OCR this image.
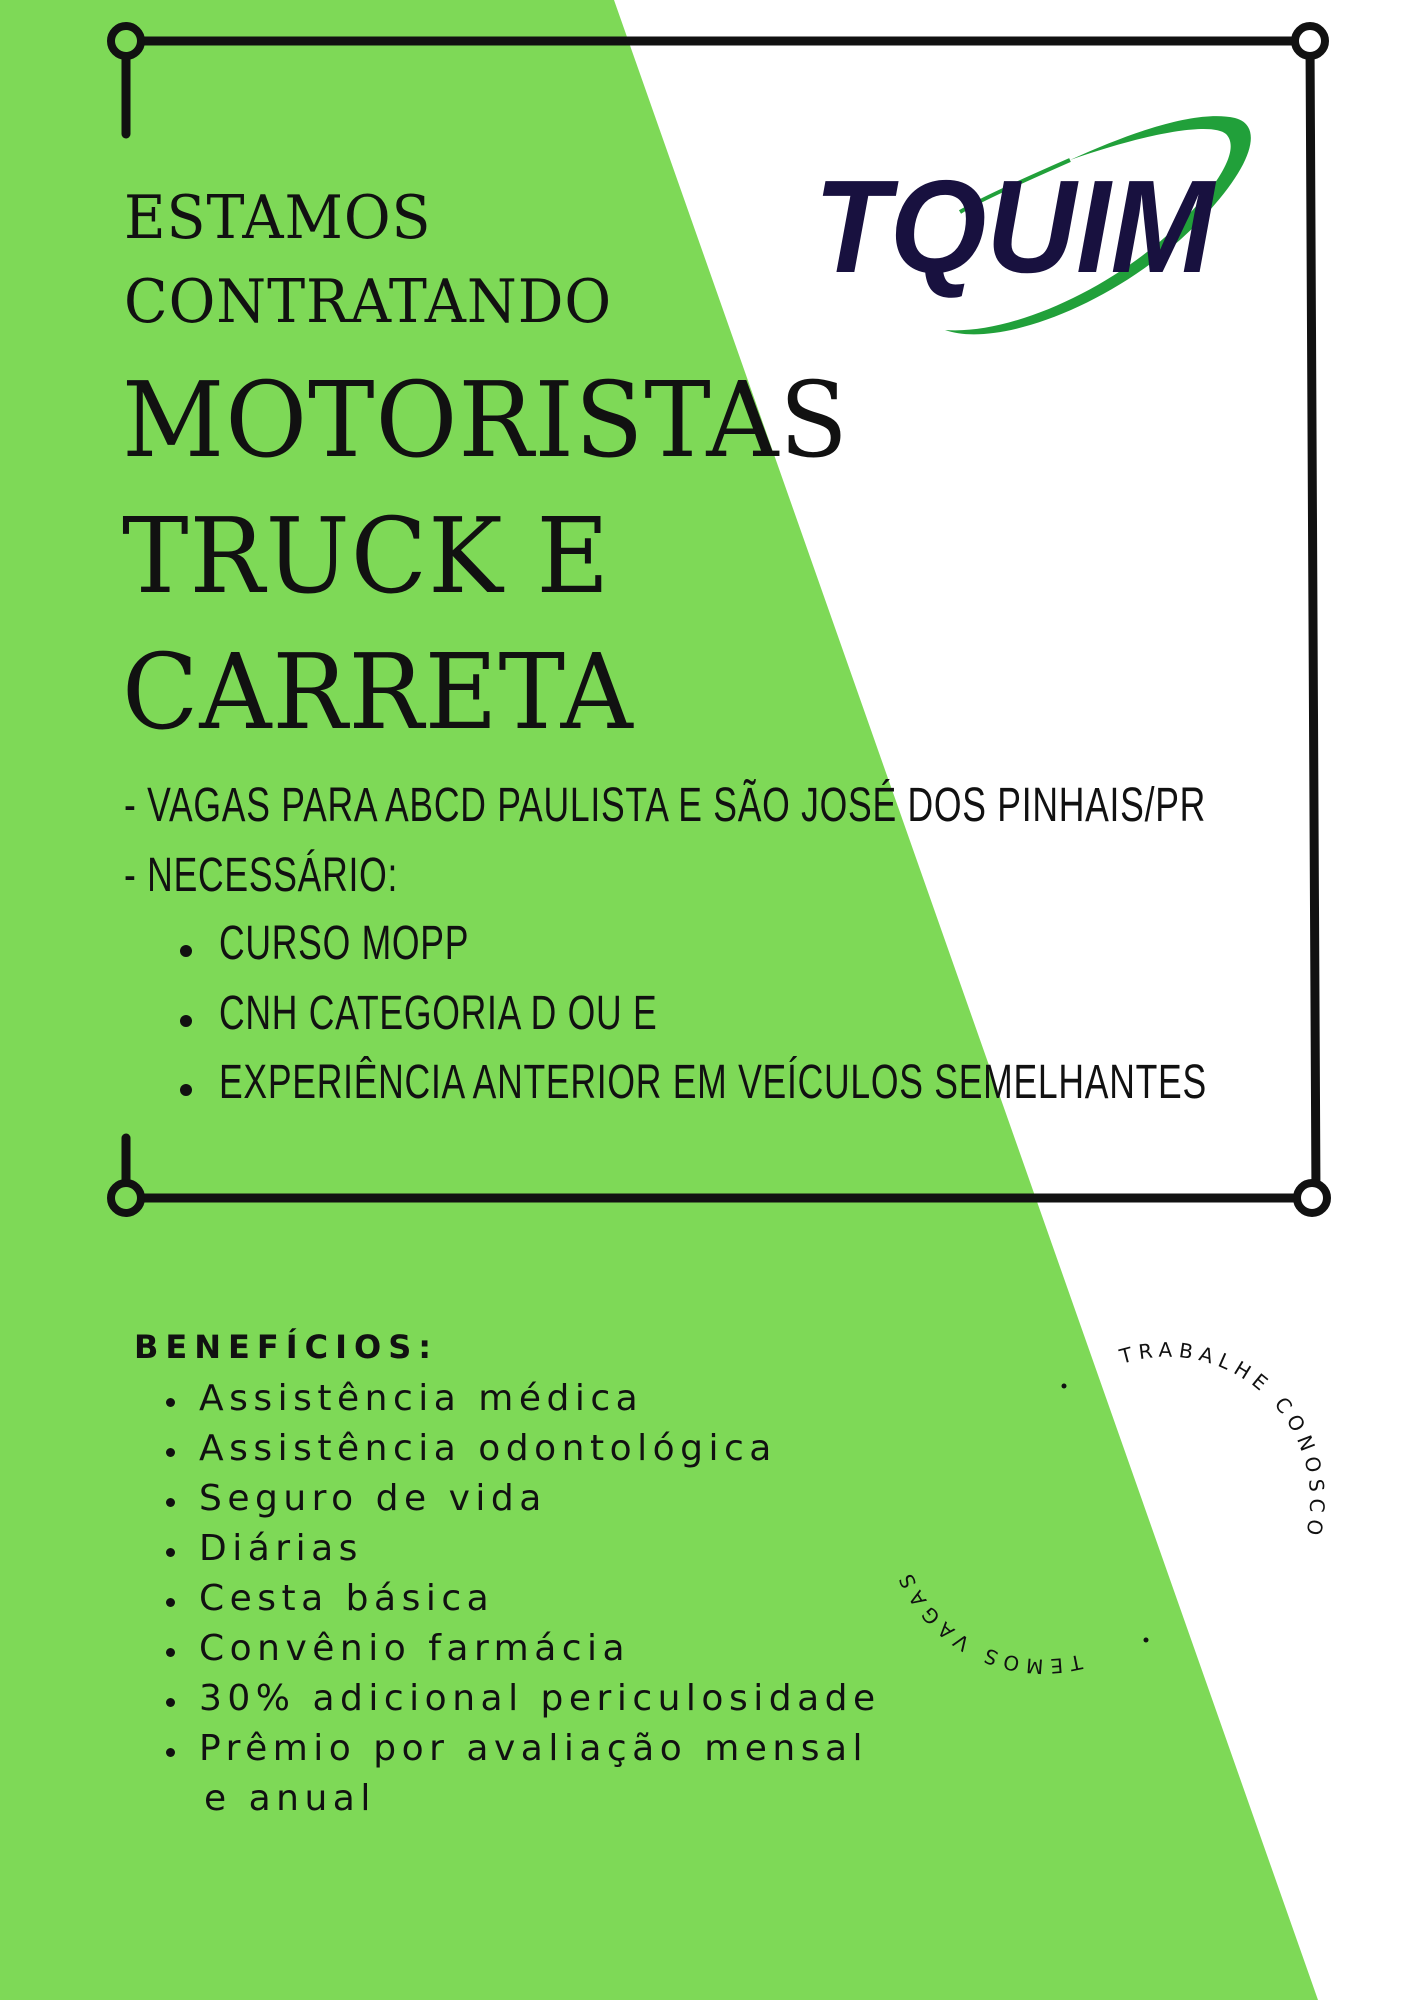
TQUIM
TRABALHE CONOSCO
TEMOS VAGAS
ESTAMOS
CONTRATANDO
MOTORISTAS
TRUCK E
CARRETA
- VAGAS PARA ABCD PAULISTA E SÃO JOSÉ DOS PINHAIS/PR
- NECESSÁRIO:
CURSO MOPP
CNH CATEGORIA D OU E
EXPERIÊNCIA ANTERIOR EM VEÍCULOS SEMELHANTES
BENEFÍCIOS:
Assistência médica
Assistência odontológica
Seguro de vida
Diárias
Cesta básica
Convênio farmácia
30% adicional periculosidade
Prêmio por avaliação mensal
e anual
